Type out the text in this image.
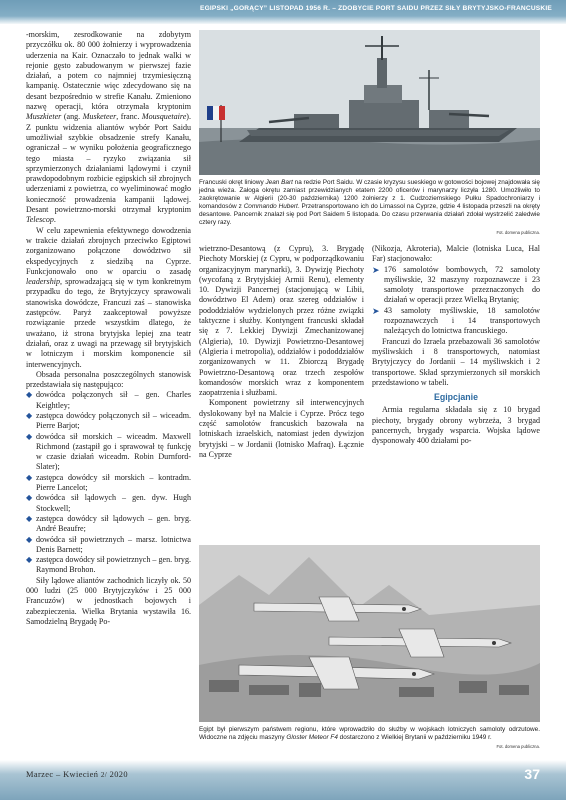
EGIPSKI „GORĄCY” LISTOPAD 1956 R. – ZDOBYCIE PORT SAIDU PRZEZ SIŁY BRYTYJSKO-FRANCUSKIE

-morskim, zesrodkowanie na zdobytym przyczółku ok. 80 000 żołnierzy i wyprowadzenia uderzenia na Kair. Oznaczało to jednak walki w rejonie gęsto zabudowanym w pierwszej fazie działań, a potem co najmniej trzymiesięczną kampanię. Ostatecznie więc zdecydowano się na desant bezpośrednio w strefie Kanału. Zmieniono nazwę operacji, która otrzymała kryptonim Muszkieter (ang. Musketeer, franc. Mousquetaire). Z punktu widzenia aliantów wybór Port Saidu umożliwiał szybkie obsadzenie strefy Kanału, ograniczał – w wyniku położenia geograficznego tego miasta – ryzyko związania sił sprzymierzonych działaniami lądowymi i czynił prawdopodobnym rozbicie egipskich sił zbrojnych uderzeniami z powietrza, co wyeliminować mogło konieczność prowadzenia kampanii lądowej. Desant powietrzno-morski otrzymał kryptonim Telescop.

W celu zapewnienia efektywnego dowodzenia w trakcie działań zbrojnych przeciwko Egiptowi zorganizowano połączone dowództwo sił ekspedycyjnych z siedzibą na Cyprze. Funkcjonowało ono w oparciu o zasadę leadership, sprowadzającą się w tym konkretnym przypadku do tego, że Brytyjczycy sprawowali stanowiska dowódcze, Francuzi zaś – stanowiska zastępców. Paryż zaakceptował powyższe rozwiązanie przede wszystkim dlatego, że uważano, iż strona brytyjska lepiej zna teatr działań, oraz z uwagi na przewagę sił brytyjskich w lotniczym i morskim komponencie sił interwencyjnych.

Obsada personalna poszczególnych stanowisk przedstawiała się następująco:

◆ dowódca połączonych sił – gen. Charles Keightley;
◆ zastępca dowódcy połączonych sił – wiceadm. Pierre Barjot;
◆ dowódca sił morskich – wiceadm. Maxwell Richmond (zastąpił go i sprawował tę funkcję w czasie działań wiceadm. Robin Durnford-Slater);
◆ zastępca dowódcy sił morskich – kontradm. Pierre Lancelot;
◆ dowódca sił lądowych – gen. dyw. Hugh Stockwell;
◆ zastępca dowódcy sił lądowych – gen. bryg. André Beaufre;
◆ dowódca sił powietrznych – marsz. lotnictwa Denis Barnett;
◆ zastępca dowódcy sił powietrznych – gen. bryg. Raymond Brohon.

Siły lądowe aliantów zachodnich liczyły ok. 50 000 ludzi (25 000 Brytyjczyków i 25 000 Francuzów) w jednostkach bojowych i zabezpieczenia. Wielka Brytania wystawiła 16. Samodzielną Brygadę Po-

Francuski okręt liniowy Jean Bart na redzie Port Saidu. W czasie kryzysu sueskiego w gotowości bojowej znajdowała się jedna wieża. Załoga okrętu zamiast przewidzianych etatem 2200 oficerów i marynarzy liczyła 1280. Umożliwiło to zaokrętowanie w Algierii (20-30 października) 1200 żołnierzy z 1. Cudzoziemskiego Pułku Spadochroniarzy i komandosów z Commando Hubert. Przetransportowano ich do Limassol na Cyprze, gdzie 4 listopada przeszli na okręty desantowe. Pancernik znalazł się pod Port Saidem 5 listopada. Do czasu przerwania działań zdołał wystrzelić zaledwie cztery razy.
Fot. domena publiczna.

wietrzno-Desantową (z Cypru), 3. Brygadę Piechoty Morskiej (z Cypru, w podporządkowaniu organizacyjnym marynarki), 3. Dywizję Piechoty (wycofaną z Brytyjskiej Armii Renu), elementy 10. Dywizji Pancernej (stacjonującą w Libii, dowództwo El Adem) oraz szereg oddziałów i pododdziałów wydzielonych przez różne związki taktyczne i służby. Kontyngent francuski składał się z 7. Lekkiej Dywizji Zmechanizowanej (Algieria), 10. Dywizji Powietrzno-Desantowej (Algieria i metropolia), oddziałów i pododdziałów zorganizowanych w 11. Zbiorczą Brygadę Powietrzno-Desantową oraz trzech zespołów komandosów morskich wraz z komponentem zaopatrzenia i służbami.

Komponent powietrzny sił interwencyjnych dyslokowany był na Malcie i Cyprze. Prócz tego część samolotów francuskich bazowała na lotniskach izraelskich, natomiast jeden dywizjon brytyjski – w Jordanii (lotnisko Mafraq). Łącznie na Cyprze

(Nikozja, Akroteria), Malcie (lotniska Luca, Hal Far) stacjonowało:

➤ 176 samolotów bombowych, 72 samoloty myśliwskie, 32 maszyny rozpoznawcze i 23 samoloty transportowe przeznaczonych do działań w operacji przez Wielką Brytanię;
➤ 43 samoloty myśliwskie, 18 samolotów rozpoznawczych i 14 transportowych należących do lotnictwa francuskiego.

Francuzi do Izraela przebazowali 36 samolotów myśliwskich i 8 transportowych, natomiast Brytyjczycy do Jordanii – 14 myśliwskich i 2 transportowe. Skład sprzymierzonych sił morskich przedstawiono w tabeli.

Egipcjanie

Armia regularna składała się z 10 brygad piechoty, brygady obrony wybrzeża, 3 brygad pancernych, brygady wsparcia. Wojska lądowe dysponowały 400 działami po-

Egipt był pierwszym państwem regionu, które wprowadziło do służby w wojskach lotniczych samoloty odrzutowe. Widoczne na zdjęciu maszyny Gloster Meteor F4 dostarczono z Wielkiej Brytanii w październiku 1949 r.
Fot. domena publiczna.
Marzec – Kwiecień 2/ 2020	37
